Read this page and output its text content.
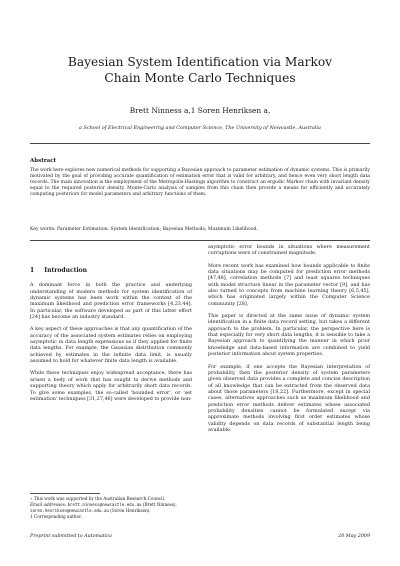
Bayesian System Identification via Markov Chain Monte Carlo Techniques
Brett Ninness a,1 Soren Henriksen a,
a School of Electrical Engineering and Computer Science, The University of Newcastle, Australia
Abstract
The work here explores new numerical methods for supporting a Bayesian approach to parameter estimation of dynamic systems. This is primarily motivated by the goal of providing accurate quantification of estimation error that is valid for arbitrary, and hence even very short length data records. The main innovation is the employment of the Metropolis-Hastings algorithm to construct an ergodic Markov chain with invariant density equal to the required posterior density. Monte-Carlo analysis of samples from this chain then provide a means for efficiently and accurately computing posteriors for model parameters and arbitrary functions of them.
Key words: Parameter Estimation; System Identification; Bayesian Methods; Maximum Likelihood.
1 Introduction

A dominant force in both the practice and underlying understanding of modern methods for system identification of dynamic systems has been work within the context of the maximum likelihood and prediction error frameworks [4,23,44]. In particular, the software developed as part of this latter effort [24] has become an industry standard.

A key aspect of these approaches is that any quantification of the accuracy of the associated system estimates relies on employing asymptotic in data length expressions as if they applied for finite data lengths. For example, the Gaussian distribution commonly achieved by estimates in the infinite data limit, is usually assumed to hold for whatever finite data length is available.

While these techniques enjoy widespread acceptance, there has arisen a body of work that has sought to derive methods and supporting theory which apply for arbitrarily short data records. To give some examples, the so-called 'bounded error', or 'set estimation' techniques [31,27,46] were developed to provide non-

asymptotic error bounds in situations where measurement corruptions were of constrained magnitude.

More recent work has examined how bounds applicable to finite data situations may be computed for prediction error methods [47,48], correlation methods [7] and least squares techniques with model structure linear in the parameter vector [9], and has also turned to concepts from machine learning theory [6,5,45], which has originated largely within the Computer Science community [28].

This paper is directed at the same issue of dynamic system identification in a finite data record setting, but takes a different approach to the problem. In particular, the perspective here is that especially for very short data lengths, it is sensible to take a Bayesian approach to quantifying the manner in which prior knowledge and data-based information are combined to yield posterior information about system properties.

For example, if one accepts the Bayesian interpretation of probability, then the posterior density of system parameters given observed data provides a complete and concise description of all knowledge that can be extracted from the observed data about those parameters [18,22]. Furthermore, except in special cases, alternatives approaches such as maximum likelihood and prediction error methods deliver estimates whose associated probability densities cannot be formulated except via approximate methods involving first order estimates whose validity depends on data records of substantial length being available.

⋆ This work was supported by the Australian Research Council.

Email addresses: brett.ninness@newcastle.edu.au (Brett Ninness), soren.henriksen@newcastle.edu.au (Soren Henriksen).

1 Corresponding author.

Preprint submitted to Automatica	20 May 2009
